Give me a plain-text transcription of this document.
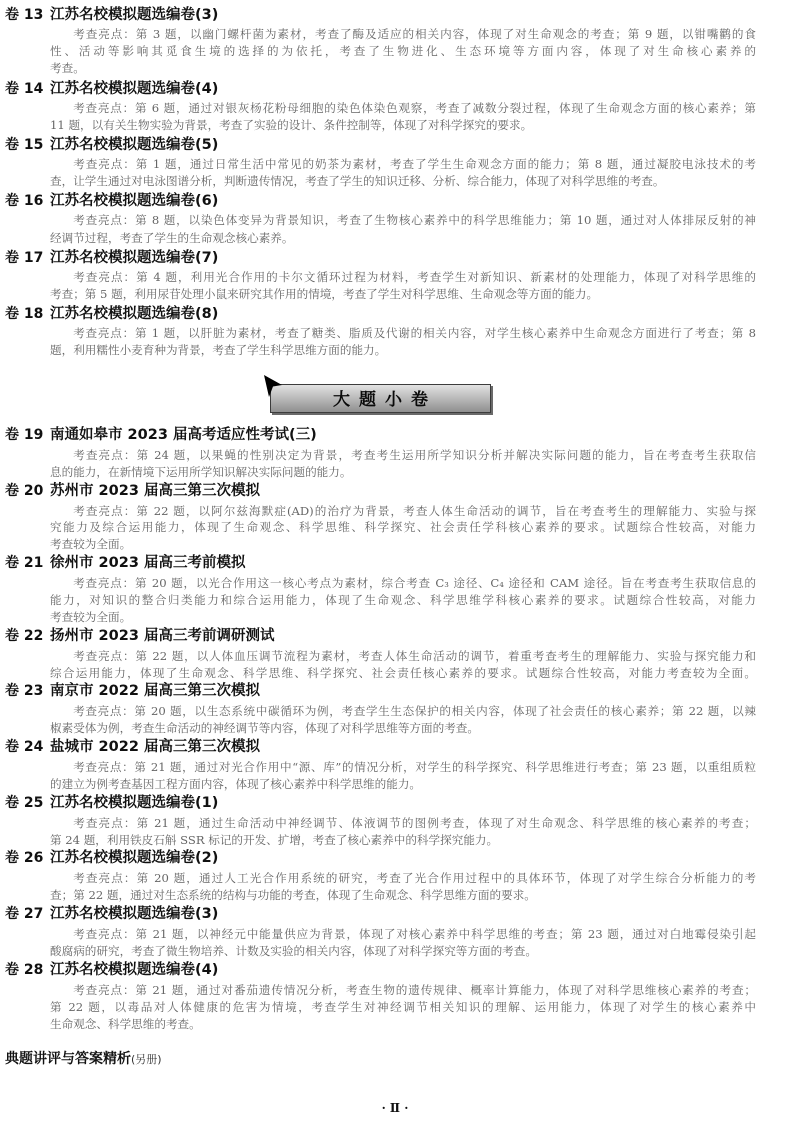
卷 13 江苏名校模拟题选编卷(3)
考查亮点：第 3 题，以幽门螺杆菌为素材，考查了酶及适应的相关内容，体现了对生命观念的考查；第 9 题，以钳嘴鹳的食
性、活动等影响其觅食生境的选择的为依托，考查了生物进化、生态环境等方面内容，体现了对生命核心素养的
考查。
卷 14 江苏名校模拟题选编卷(4)
考查亮点：第 6 题，通过对银灰杨花粉母细胞的染色体染色观察，考查了减数分裂过程，体现了生命观念方面的核心素养；第
11 题，以有关生物实验为背景，考查了实验的设计、条件控制等，体现了对科学探究的要求。
卷 15 江苏名校模拟题选编卷(5)
考查亮点：第 1 题，通过日常生活中常见的奶茶为素材，考查了学生生命观念方面的能力；第 8 题，通过凝胶电泳技术的考
查，让学生通过对电泳图谱分析，判断遗传情况，考查了学生的知识迁移、分析、综合能力，体现了对科学思维的考查。
卷 16 江苏名校模拟题选编卷(6)
考查亮点：第 8 题，以染色体变异为背景知识，考查了生物核心素养中的科学思维能力；第 10 题，通过对人体排尿反射的神
经调节过程，考查了学生的生命观念核心素养。
卷 17 江苏名校模拟题选编卷(7)
考查亮点：第 4 题，利用光合作用的卡尔文循环过程为材料，考查学生对新知识、新素材的处理能力，体现了对科学思维的
考查；第 5 题，利用尿苷处理小鼠来研究其作用的情境，考查了学生对科学思维、生命观念等方面的能力。
卷 18 江苏名校模拟题选编卷(8)
考查亮点：第 1 题，以肝脏为素材，考查了糖类、脂质及代谢的相关内容，对学生核心素养中生命观念方面进行了考查；第 8
题，利用糯性小麦育种为背景，考查了学生科学思维方面的能力。
大题小卷
卷 19 南通如皋市 2023 届高考适应性考试(三)
考查亮点：第 24 题，以果蝇的性别决定为背景，考查考生运用所学知识分析并解决实际问题的能力，旨在考查考生获取信
息的能力，在新情境下运用所学知识解决实际问题的能力。
卷 20 苏州市 2023 届高三第三次模拟
考查亮点：第 22 题，以阿尔兹海默症(AD)的治疗为背景，考查人体生命活动的调节，旨在考查考生的理解能力、实验与探
究能力及综合运用能力，体现了生命观念、科学思维、科学探究、社会责任学科核心素养的要求。试题综合性较高，对能力
考查较为全面。
卷 21 徐州市 2023 届高三考前模拟
考查亮点：第 20 题，以光合作用这一核心考点为素材，综合考查 C₃ 途径、C₄ 途径和 CAM 途径。旨在考查考生获取信息的
能力，对知识的整合归类能力和综合运用能力，体现了生命观念、科学思维学科核心素养的要求。试题综合性较高，对能力
考查较为全面。
卷 22 扬州市 2023 届高三考前调研测试
考查亮点：第 22 题，以人体血压调节流程为素材，考查人体生命活动的调节，着重考查考生的理解能力、实验与探究能力和
综合运用能力，体现了生命观念、科学思维、科学探究、社会责任核心素养的要求。试题综合性较高，对能力考查较为全面。
卷 23 南京市 2022 届高三第三次模拟
考查亮点：第 20 题，以生态系统中碳循环为例，考查学生生态保护的相关内容，体现了社会责任的核心素养；第 22 题，以辣
椒素受体为例，考查生命活动的神经调节等内容，体现了对科学思维等方面的考查。
卷 24 盐城市 2022 届高三第三次模拟
考查亮点：第 21 题，通过对光合作用中“源、库”的情况分析，对学生的科学探究、科学思维进行考查；第 23 题，以重组质粒
的建立为例考查基因工程方面内容，体现了核心素养中科学思维的能力。
卷 25 江苏名校模拟题选编卷(1)
考查亮点：第 21 题，通过生命活动中神经调节、体液调节的图例考查，体现了对生命观念、科学思维的核心素养的考查；
第 24 题，利用铁皮石斛 SSR 标记的开发、扩增，考查了核心素养中的科学探究能力。
卷 26 江苏名校模拟题选编卷(2)
考查亮点：第 20 题，通过人工光合作用系统的研究，考查了光合作用过程中的具体环节，体现了对学生综合分析能力的考
查；第 22 题，通过对生态系统的结构与功能的考查，体现了生命观念、科学思维方面的要求。
卷 27 江苏名校模拟题选编卷(3)
考查亮点：第 21 题，以神经元中能量供应为背景，体现了对核心素养中科学思维的考查；第 23 题，通过对白地霉侵染引起
酸腐病的研究，考查了微生物培养、计数及实验的相关内容，体现了对科学探究等方面的考查。
卷 28 江苏名校模拟题选编卷(4)
考查亮点：第 21 题，通过对番茄遗传情况分析，考查生物的遗传规律、概率计算能力，体现了对科学思维核心素养的考查；
第 22 题，以毒品对人体健康的危害为情境，考查学生对神经调节相关知识的理解、运用能力，体现了对学生的核心素养中
生命观念、科学思维的考查。
典题讲评与答案精析(另册)
· Ⅱ ·
